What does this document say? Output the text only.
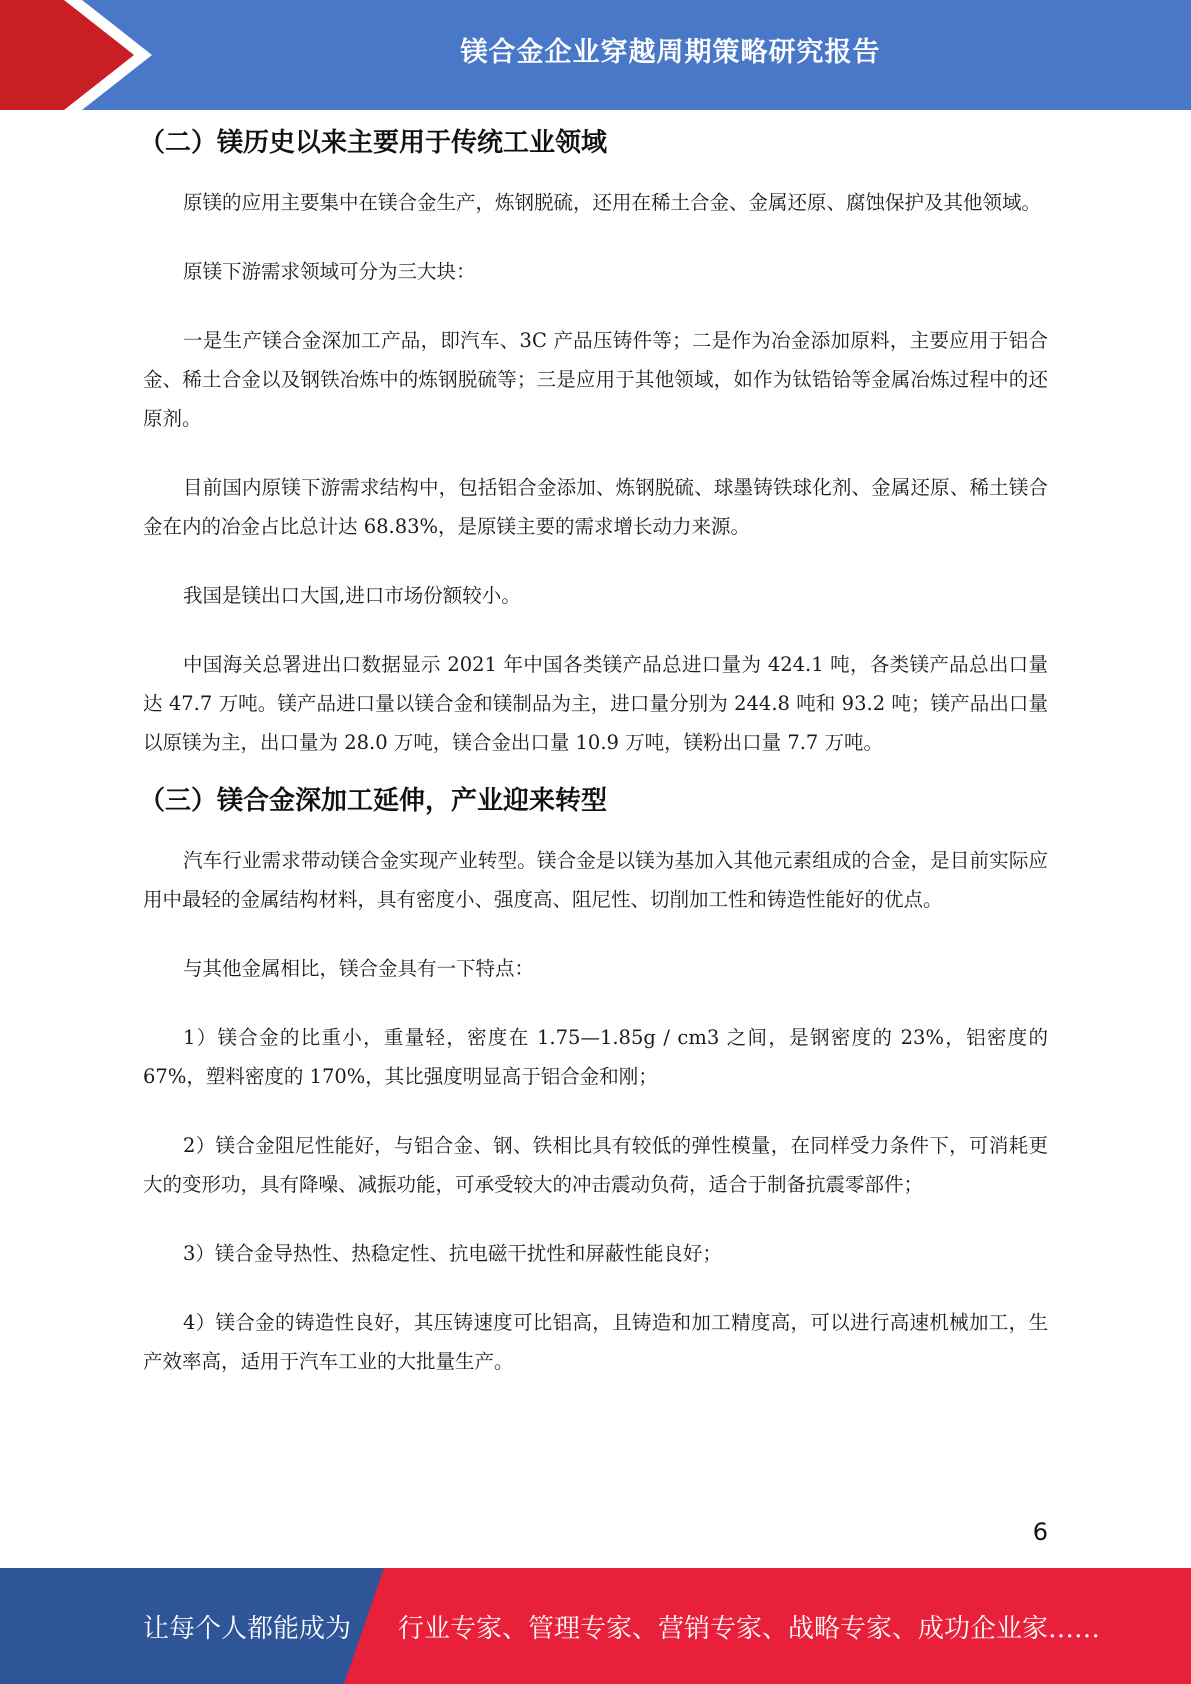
镁合金企业穿越周期策略研究报告
（二）镁历史以来主要用于传统工业领域

原镁的应用主要集中在镁合金生产，炼钢脱硫，还用在稀土合金、金属还原、腐蚀保护及其他领域。

原镁下游需求领域可分为三大块：

一是生产镁合金深加工产品，即汽车、3C 产品压铸件等；二是作为冶金添加原料，主要应用于铝合金、稀土合金以及钢铁冶炼中的炼钢脱硫等；三是应用于其他领域，如作为钛锆铪等金属冶炼过程中的还原剂。

目前国内原镁下游需求结构中，包括铝合金添加、炼钢脱硫、球墨铸铁球化剂、金属还原、稀土镁合金在内的冶金占比总计达 68.83%，是原镁主要的需求增长动力来源。

我国是镁出口大国,进口市场份额较小。

中国海关总署进出口数据显示 2021 年中国各类镁产品总进口量为 424.1 吨，各类镁产品总出口量达 47.7 万吨。镁产品进口量以镁合金和镁制品为主，进口量分别为 244.8 吨和 93.2 吨；镁产品出口量以原镁为主，出口量为 28.0 万吨，镁合金出口量 10.9 万吨，镁粉出口量 7.7 万吨。

（三）镁合金深加工延伸，产业迎来转型

汽车行业需求带动镁合金实现产业转型。镁合金是以镁为基加入其他元素组成的合金，是目前实际应用中最轻的金属结构材料，具有密度小、强度高、阻尼性、切削加工性和铸造性能好的优点。

与其他金属相比，镁合金具有一下特点：

1）镁合金的比重小，重量轻，密度在 1.75—1.85g / cm3 之间，是钢密度的 23%，铝密度的 67%，塑料密度的 170%，其比强度明显高于铝合金和刚；

2）镁合金阻尼性能好，与铝合金、钢、铁相比具有较低的弹性模量，在同样受力条件下，可消耗更大的变形功，具有降噪、减振功能，可承受较大的冲击震动负荷，适合于制备抗震零部件；

3）镁合金导热性、热稳定性、抗电磁干扰性和屏蔽性能良好；

4）镁合金的铸造性良好，其压铸速度可比铝高，且铸造和加工精度高，可以进行高速机械加工，生产效率高，适用于汽车工业的大批量生产。

6
让每个人都能成为 行业专家、管理专家、营销专家、战略专家、成功企业家……
